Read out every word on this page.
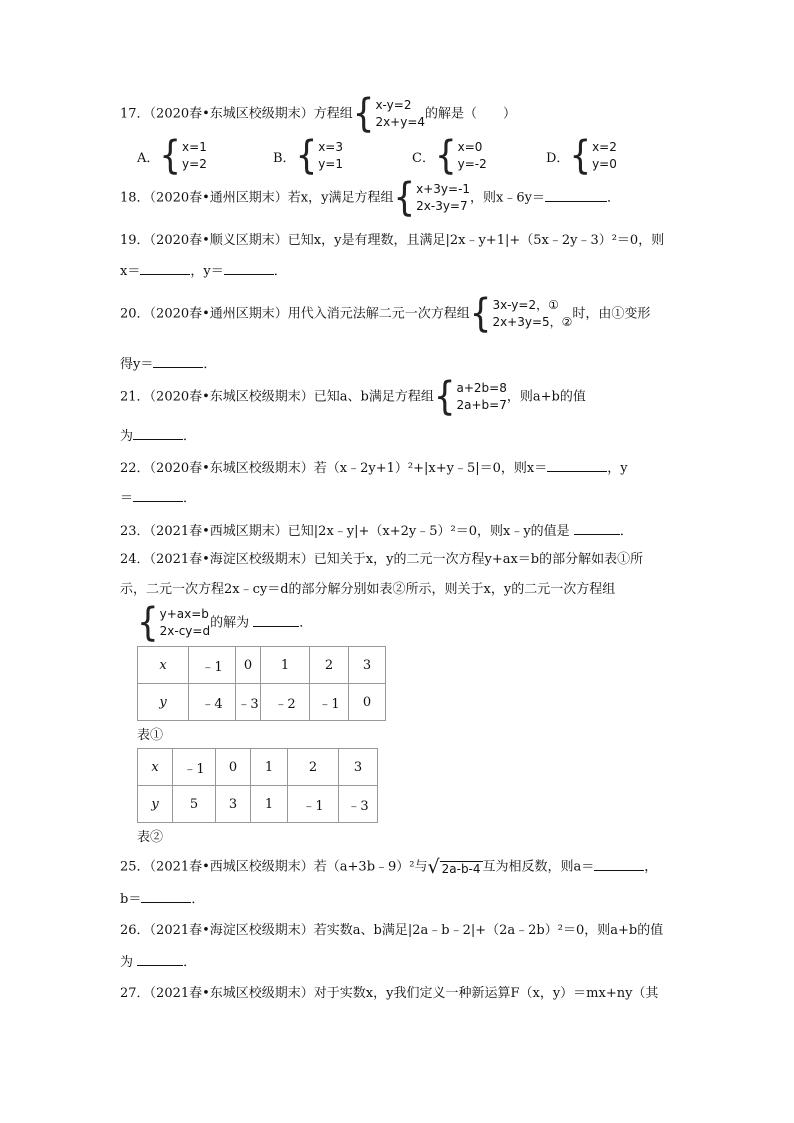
17．（2020春•东城区校级期末）方程组 { x-y=2
2x+y=4
的解是（　　）
A． { x=1
y=2	B． { x=3
y=1	C． { x=0
y=-2	D． { x=2
y=0
18．（2020春•通州区期末）若x，y满足方程组 { x+3y=-1
2x-3y=7
，则x﹣6y＝	．
19．（2020春•顺义区期末）已知x，y是有理数，且满足|2x﹣y+1|+（5x﹣2y﹣3）²＝0，则
x＝	，y＝	．
20．（2020春•通州区期末）用代入消元法解二元一次方程组 { 3x-y=2，①
2x+3y=5，②
时，由①变形
得y＝	．
21．（2020春•东城区校级期末）已知a、b满足方程组 { a+2b=8
2a+b=7
，则a+b的值
为	．
22．（2020春•东城区校级期末）若（x﹣2y+1）²+|x+y﹣5|＝0，则x＝	，y
＝	．
23．（2021春•西城区期末）已知|2x﹣y|+（x+2y﹣5）²＝0，则x﹣y的值是	．
24．（2021春•海淀区校级期末）已知关于x，y的二元一次方程y+ax＝b的部分解如表①所
示，二元一次方程2x﹣cy＝d的部分解分别如表②所示，则关于x，y的二元一次方程组
{ y+ax=b
2x-cy=d
的解为	．
x	﹣1	0	1	2	3
y	﹣4	﹣3	﹣2	﹣1	0
表①
x	﹣1	0	1	2	3
y	5	3	1	﹣1	﹣3
表②
25．（2021春•西城区校级期末）若（a+3b﹣9）²与 √ 2a-b-4 互为相反数，则a＝	，
b＝	．
26．（2021春•海淀区校级期末）若实数a、b满足|2a﹣b﹣2|+（2a﹣2b）²＝0，则a+b的值
为	．
27．（2021春•东城区校级期末）对于实数x，y我们定义一种新运算F（x，y）＝mx+ny（其
